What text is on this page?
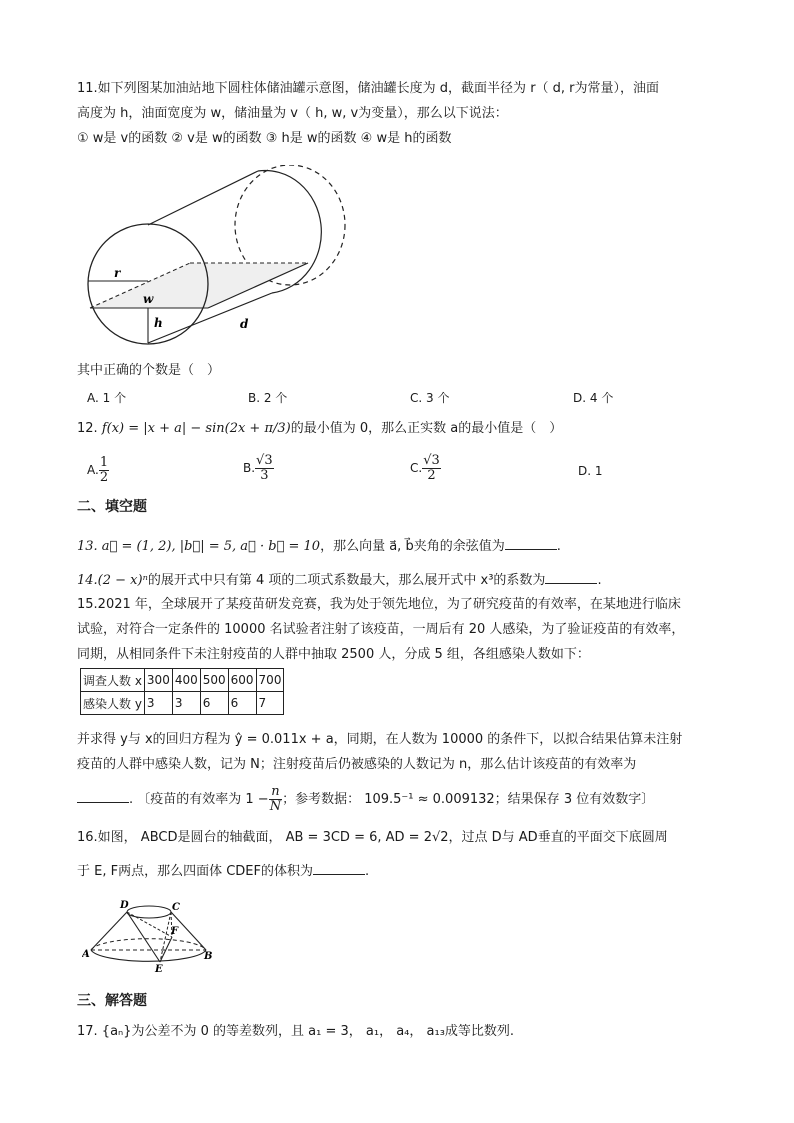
11.如下列图某加油站地下圆柱体储油罐示意图，储油罐长度为 d，截面半径为 r（ d, r为常量），油面
高度为 h，油面宽度为 w，储油量为 v（ h, w, v为变量），那么以下说法：
① w是 v的函数 ② v是 w的函数 ③ h是 w的函数 ④ w是 h的函数
r
w
h	d
其中正确的个数是（　）
A. 1 个	B. 2 个	C. 3 个	D. 4 个
12. f(x) = |x + a| − sin(2x + π/3)的最小值为 0，那么正实数 a的最小值是（　）
A. $\frac{1}{2}$	B. $\frac{√3}{3}$	C. $\frac{√3}{2}$	D. 1
二、填空题
13. a⃗ = (1, 2), |b⃗| = 5, a⃗ · b⃗ = 10，那么向量 a⃗, b⃗夹角的余弦值为	.
14.(2 − x)ⁿ的展开式中只有第 4 项的二项式系数最大，那么展开式中 x³的系数为	.
15.2021 年，全球展开了某疫苗研发竞赛，我为处于领先地位，为了研究疫苗的有效率，在某地进行临床
试验，对符合一定条件的 10000 名试验者注射了该疫苗，一周后有 20 人感染，为了验证疫苗的有效率，
同期，从相同条件下未注射疫苗的人群中抽取 2500 人，分成 5 组，各组感染人数如下：
调查人数 x	300	400	500	600	700
感染人数 y	3	3	6	6	7
并求得 y与 x的回归方程为 ŷ = 0.011x + a，同期，在人数为 10000 的条件下，以拟合结果估算未注射
疫苗的人群中感染人数，记为 N；注射疫苗后仍被感染的人数记为 n，那么估计该疫苗的有效率为
. 〔疫苗的有效率为 $1 - \frac{n}{N}$ ；参考数据： 109.5⁻¹ ≈ 0.009132；结果保存 3 位有效数字〕
16.如图， ABCD是圆台的轴截面， AB = 3CD = 6, AD = 2√2，过点 D与 AD垂直的平面交下底圆周
于 E, F两点，那么四面体 CDEF的体积为	.
D	C
A	B
E
F
三、解答题
17. {aₙ}为公差不为 0 的等差数列，且 a₁ = 3， a₁， a₄， a₁₃成等比数列.
